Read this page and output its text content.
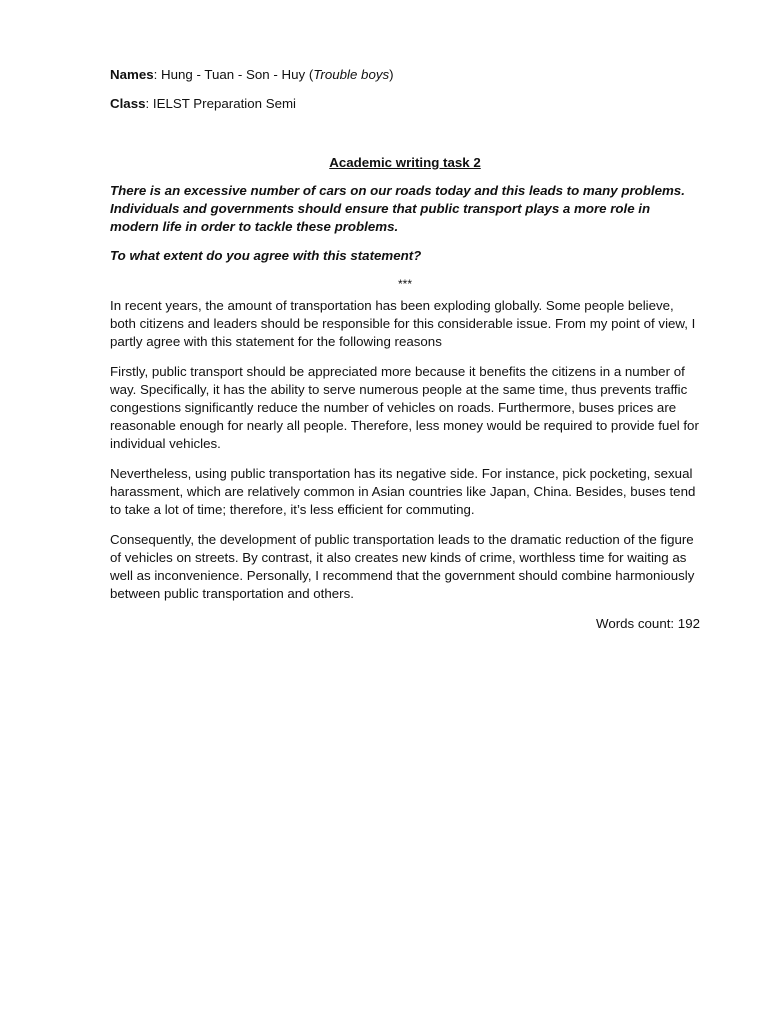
Names: Hung - Tuan - Son - Huy (Trouble boys)

Class: IELST Preparation Semi

Academic writing task 2

There is an excessive number of cars on our roads today and this leads to many problems. Individuals and governments should ensure that public transport plays a more role in modern life in order to tackle these problems.

To what extent do you agree with this statement?

***

In recent years, the amount of transportation has been exploding globally. Some people believe, both citizens and leaders should be responsible for this considerable issue. From my point of view, I partly agree with this statement for the following reasons

Firstly, public transport should be appreciated more because it benefits the citizens in a number of way. Specifically, it has the ability to serve numerous people at the same time, thus prevents traffic congestions significantly reduce the number of vehicles on roads. Furthermore, buses prices are reasonable enough for nearly all people. Therefore, less money would be required to provide fuel for individual vehicles.

Nevertheless, using public transportation has its negative side. For instance, pick pocketing, sexual harassment, which are relatively common in Asian countries like Japan, China. Besides, buses tend to take a lot of time; therefore, it’s less efficient for commuting.

Consequently, the development of public transportation leads to the dramatic reduction of the figure of vehicles on streets. By contrast, it also creates new kinds of crime, worthless time for waiting as well as inconvenience. Personally, I recommend that the government should combine harmoniously between public transportation and others.

Words count: 192
